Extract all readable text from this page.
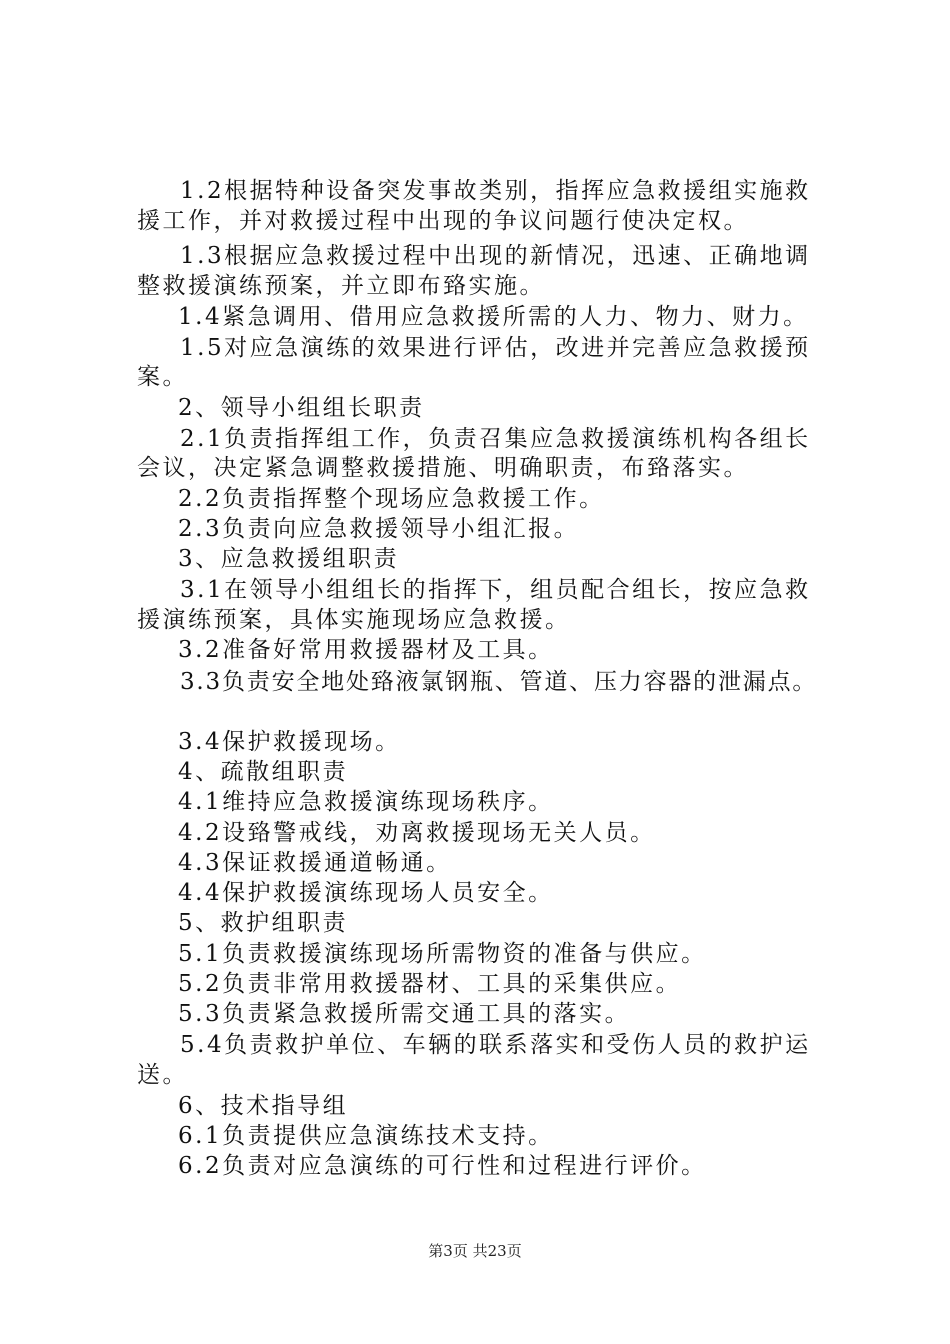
1.2根据特种设备突发事故类别，指挥应急救援组实施救

援工作，并对救援过程中出现的争议问题行使决定权。

1.3根据应急救援过程中出现的新情况，迅速、正确地调

整救援演练预案，并立即布臵实施。

1.4紧急调用、借用应急救援所需的人力、物力、财力。

1.5对应急演练的效果进行评估，改进并完善应急救援预

案。

2、领导小组组长职责

2.1负责指挥组工作，负责召集应急救援演练机构各组长

会议，决定紧急调整救援措施、明确职责，布臵落实。

2.2负责指挥整个现场应急救援工作。

2.3负责向应急救援领导小组汇报。

3、应急救援组职责

3.1在领导小组组长的指挥下，组员配合组长，按应急救

援演练预案，具体实施现场应急救援。

3.2准备好常用救援器材及工具。

3.3负责安全地处臵液氯钢瓶、管道、压力容器的泄漏点。

3.4保护救援现场。

4、疏散组职责

4.1维持应急救援演练现场秩序。

4.2设臵警戒线，劝离救援现场无关人员。

4.3保证救援通道畅通。

4.4保护救援演练现场人员安全。

5、救护组职责

5.1负责救援演练现场所需物资的准备与供应。

5.2负责非常用救援器材、工具的采集供应。

5.3负责紧急救援所需交通工具的落实。

5.4负责救护单位、车辆的联系落实和受伤人员的救护运

送。

6、技术指导组

6.1负责提供应急演练技术支持。

6.2负责对应急演练的可行性和过程进行评价。

第3页 共23页
